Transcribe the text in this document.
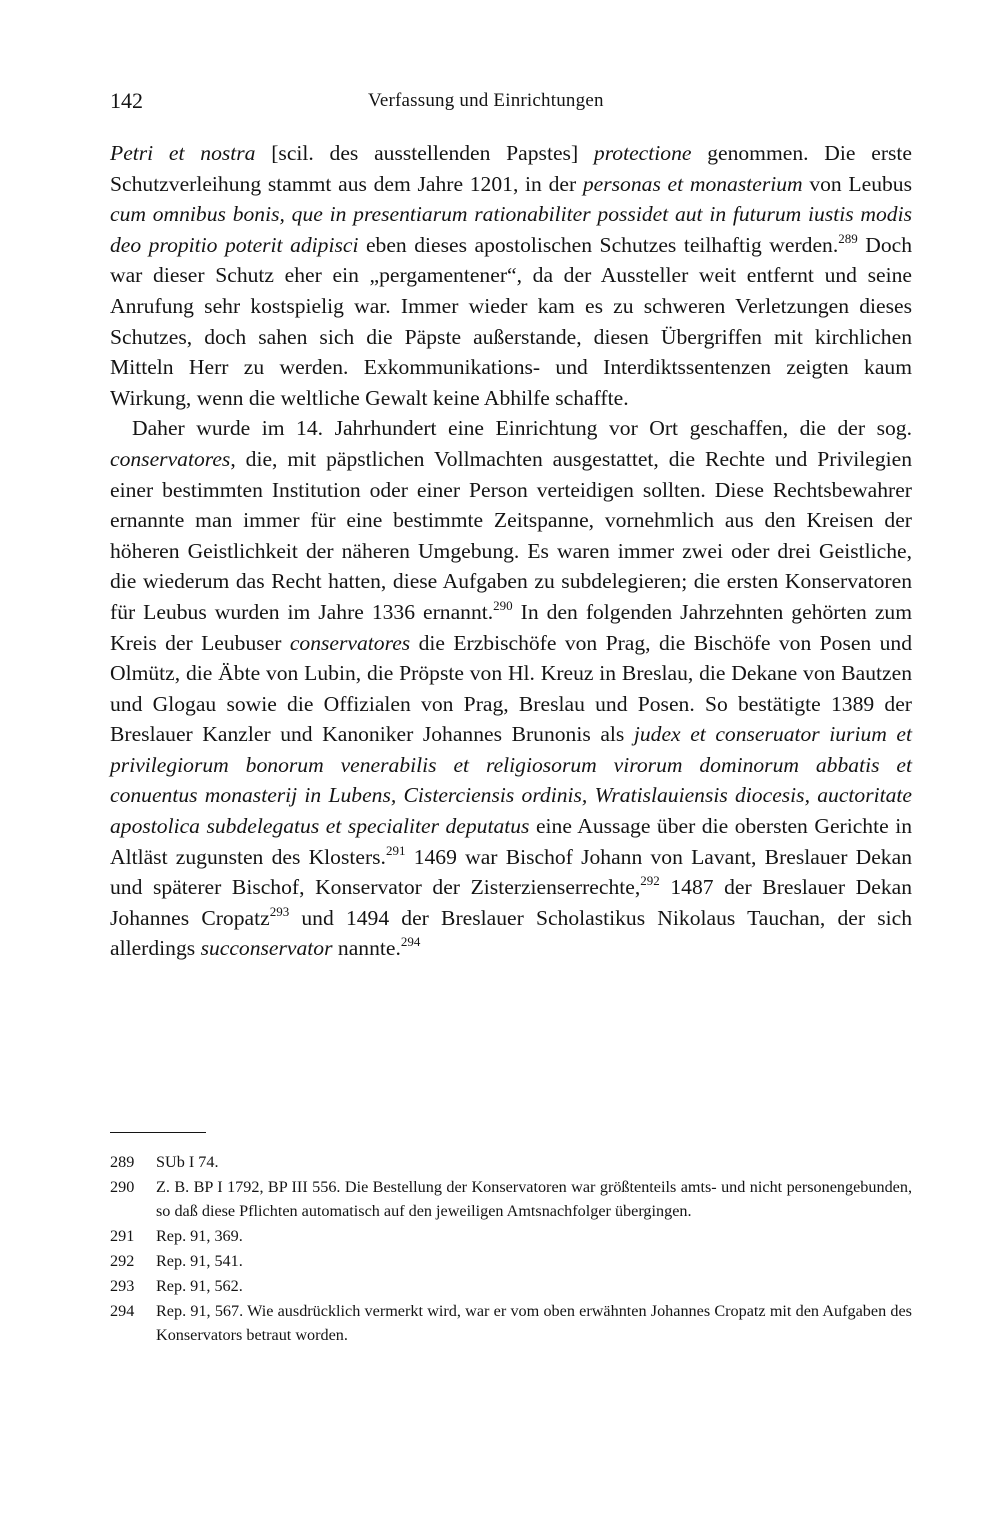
142	Verfassung und Einrichtungen

Petri et nostra [scil. des ausstellenden Papstes] protectione genommen. Die erste Schutzverleihung stammt aus dem Jahre 1201, in der personas et monasterium von Leubus cum omnibus bonis, que in presentiarum rationabiliter possidet aut in futurum iustis modis deo propitio poterit adipisci eben dieses apostolischen Schutzes teilhaftig werden.$^{289}$ Doch war dieser Schutz eher ein „pergamentener“, da der Aussteller weit entfernt und seine Anrufung sehr kostspielig war. Immer wieder kam es zu schweren Verletzungen dieses Schutzes, doch sahen sich die Päpste außerstande, diesen Übergriffen mit kirchlichen Mitteln Herr zu werden. Exkommunikations- und Interdiktssentenzen zeigten kaum Wirkung, wenn die weltliche Gewalt keine Abhilfe schaffte.

Daher wurde im 14. Jahrhundert eine Einrichtung vor Ort geschaffen, die der sog. conservatores, die, mit päpstlichen Vollmachten ausgestattet, die Rechte und Privilegien einer bestimmten Institution oder einer Person verteidigen sollten. Diese Rechtsbewahrer ernannte man immer für eine bestimmte Zeitspanne, vornehmlich aus den Kreisen der höheren Geistlichkeit der näheren Umgebung. Es waren immer zwei oder drei Geistliche, die wiederum das Recht hatten, diese Aufgaben zu subdelegieren; die ersten Konservatoren für Leubus wurden im Jahre 1336 ernannt.$^{290}$ In den folgenden Jahrzehnten gehörten zum Kreis der Leubuser conservatores die Erzbischöfe von Prag, die Bischöfe von Posen und Olmütz, die Äbte von Lubin, die Pröpste von Hl. Kreuz in Breslau, die Dekane von Bautzen und Glogau sowie die Offizialen von Prag, Breslau und Posen. So bestätigte 1389 der Breslauer Kanzler und Kanoniker Johannes Brunonis als judex et conseruator iurium et privilegiorum bonorum venerabilis et religiosorum virorum dominorum abbatis et conuentus monasterij in Lubens, Cisterciensis ordinis, Wratislauiensis diocesis, auctoritate apostolica subdelegatus et specialiter deputatus eine Aussage über die obersten Gerichte in Altläst zugunsten des Klosters.$^{291}$ 1469 war Bischof Johann von Lavant, Breslauer Dekan und späterer Bischof, Konservator der Zisterzienserrechte,$^{292}$ 1487 der Breslauer Dekan Johannes Cropatz$^{293}$ und 1494 der Breslauer Scholastikus Nikolaus Tauchan, der sich allerdings succonservator nannte.$^{294}$

289	SUb I 74.
290	Z. B. BP I 1792, BP III 556. Die Bestellung der Konservatoren war größtenteils amts- und nicht personengebunden, so daß diese Pflichten automatisch auf den jeweiligen Amtsnachfolger übergingen.
291	Rep. 91, 369.
292	Rep. 91, 541.
293	Rep. 91, 562.
294	Rep. 91, 567. Wie ausdrücklich vermerkt wird, war er vom oben erwähnten Johannes Cropatz mit den Aufgaben des Konservators betraut worden.
